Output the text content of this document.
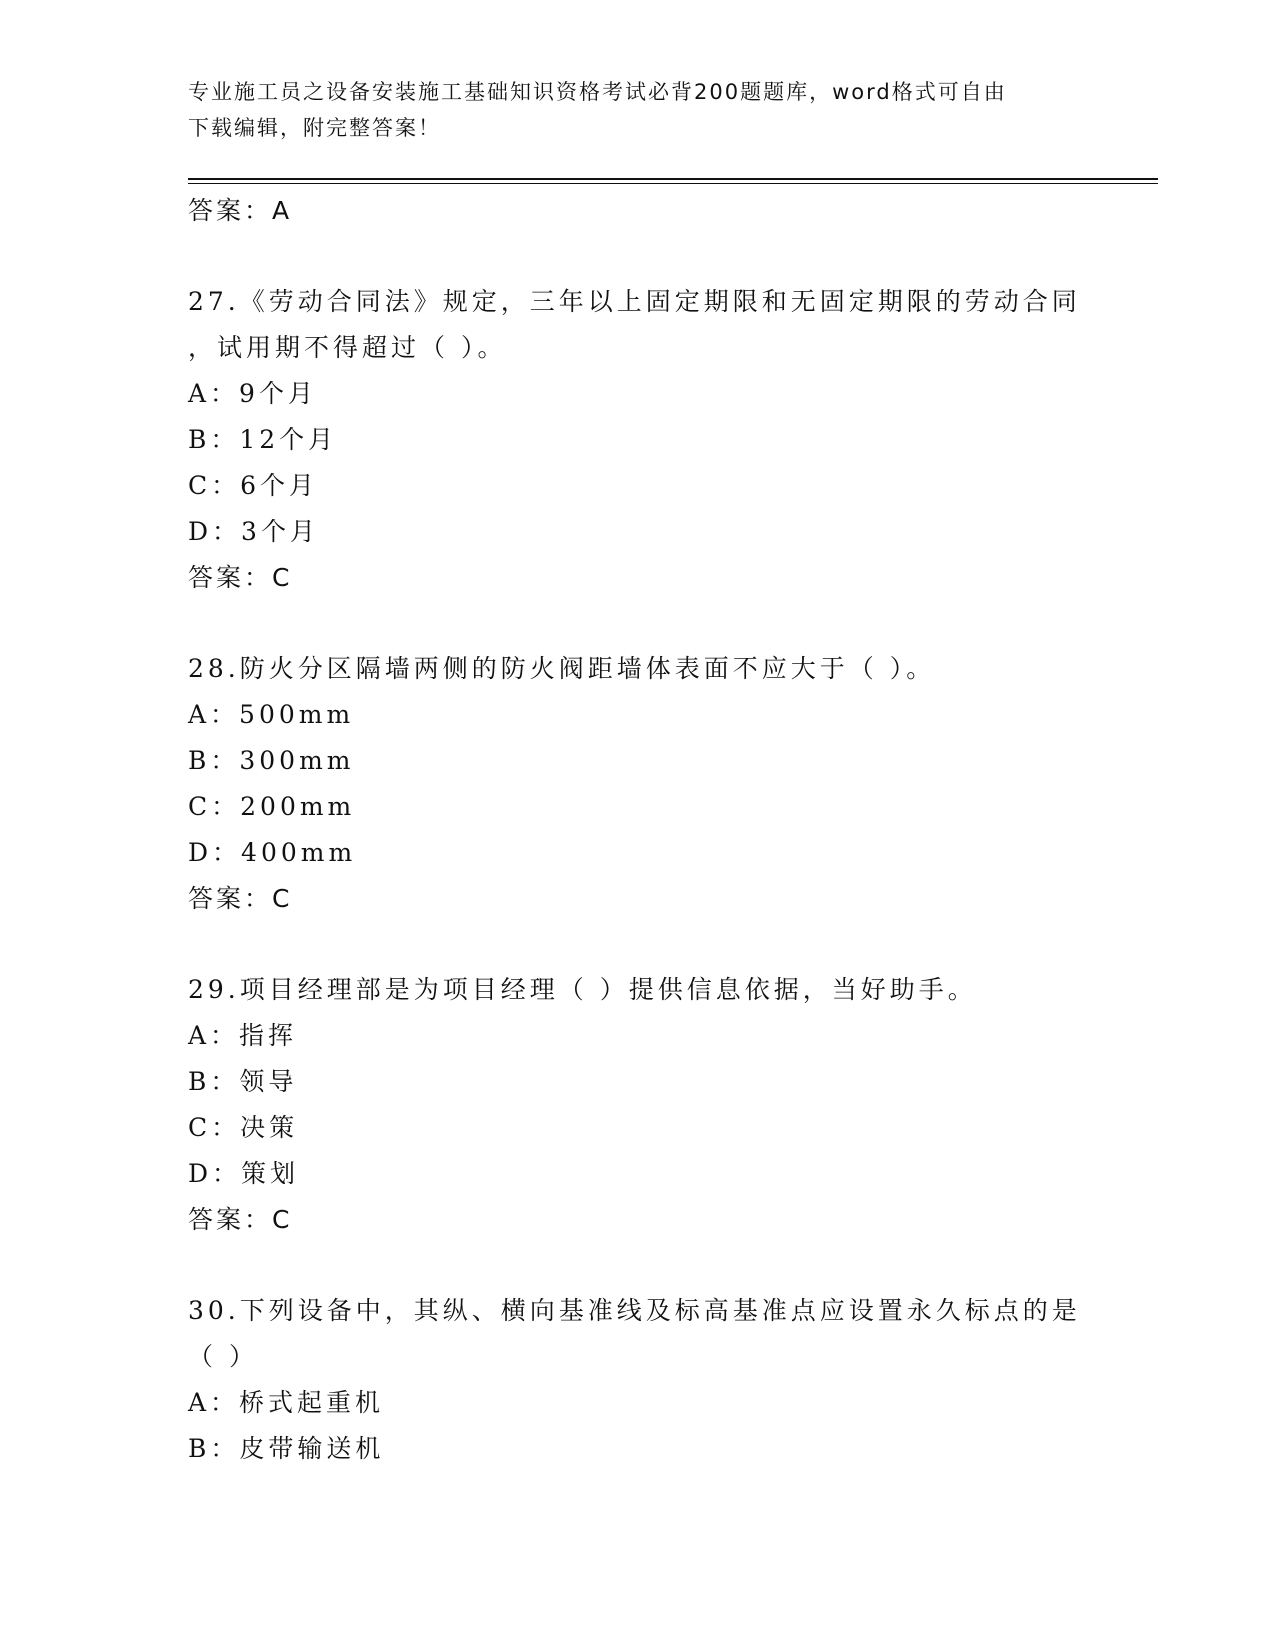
专业施工员之设备安装施工基础知识资格考试必背200题题库，word格式可自由
下载编辑，附完整答案！
答案：A
27.《劳动合同法》规定，三年以上固定期限和无固定期限的劳动合同
，试用期不得超过（ ）。
A：9个月
B：12个月
C：6个月
D：3个月
答案：C
28.防火分区隔墙两侧的防火阀距墙体表面不应大于（ ）。
A：500mm
B：300mm
C：200mm
D：400mm
答案：C
29.项目经理部是为项目经理（ ）提供信息依据，当好助手。
A：指挥
B：领导
C：决策
D：策划
答案：C
30.下列设备中，其纵、横向基准线及标高基准点应设置永久标点的是
（ ）
A：桥式起重机
B：皮带输送机
